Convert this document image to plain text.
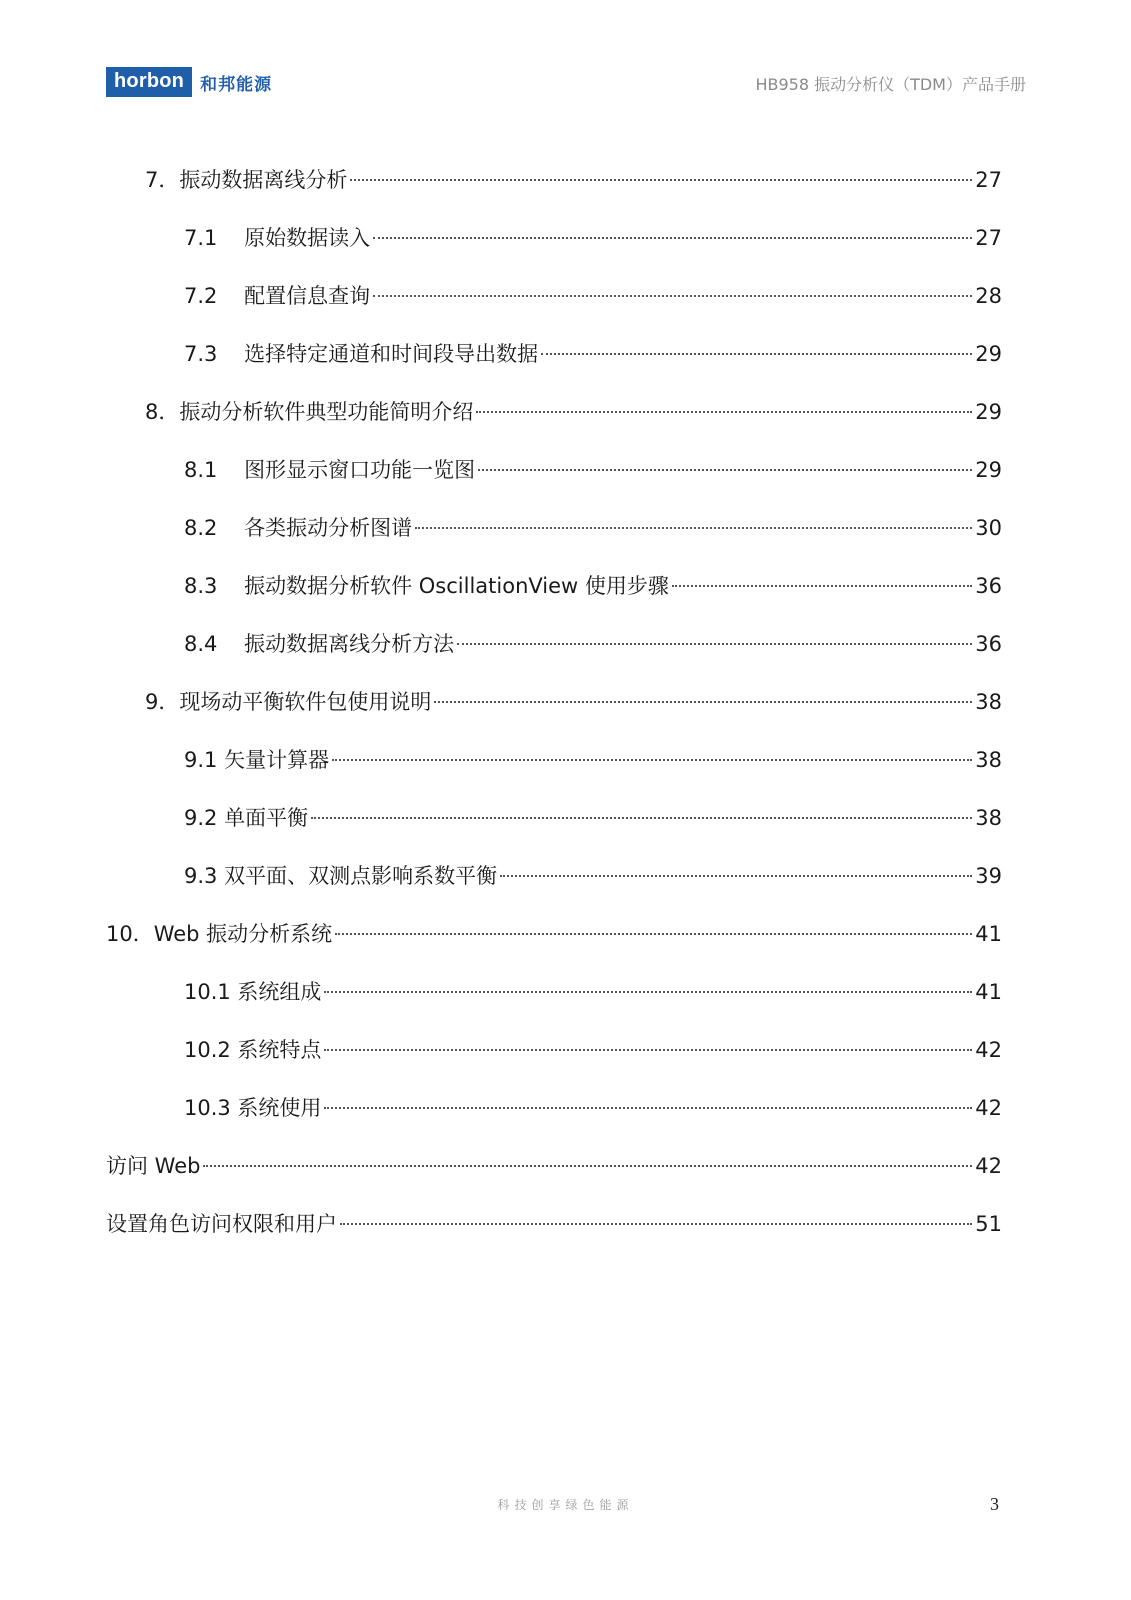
horbon 和邦能源	HB958 振动分析仪（TDM）产品手册
7．振动数据离线分析	27
7.1    原始数据读入	27
7.2    配置信息查询	28
7.3    选择特定通道和时间段导出数据	29
8．振动分析软件典型功能简明介绍	29
8.1    图形显示窗口功能一览图	29
8.2    各类振动分析图谱	30
8.3    振动数据分析软件 OscillationView 使用步骤	36
8.4    振动数据离线分析方法	36
9．现场动平衡软件包使用说明	38
9.1 矢量计算器	38
9.2 单面平衡	38
9.3 双平面、双测点影响系数平衡	39
10．Web 振动分析系统	41
10.1 系统组成	41
10.2 系统特点	42
10.3 系统使用	42
访问 Web	42
设置角色访问权限和用户	51
科技创享绿色能源	3
